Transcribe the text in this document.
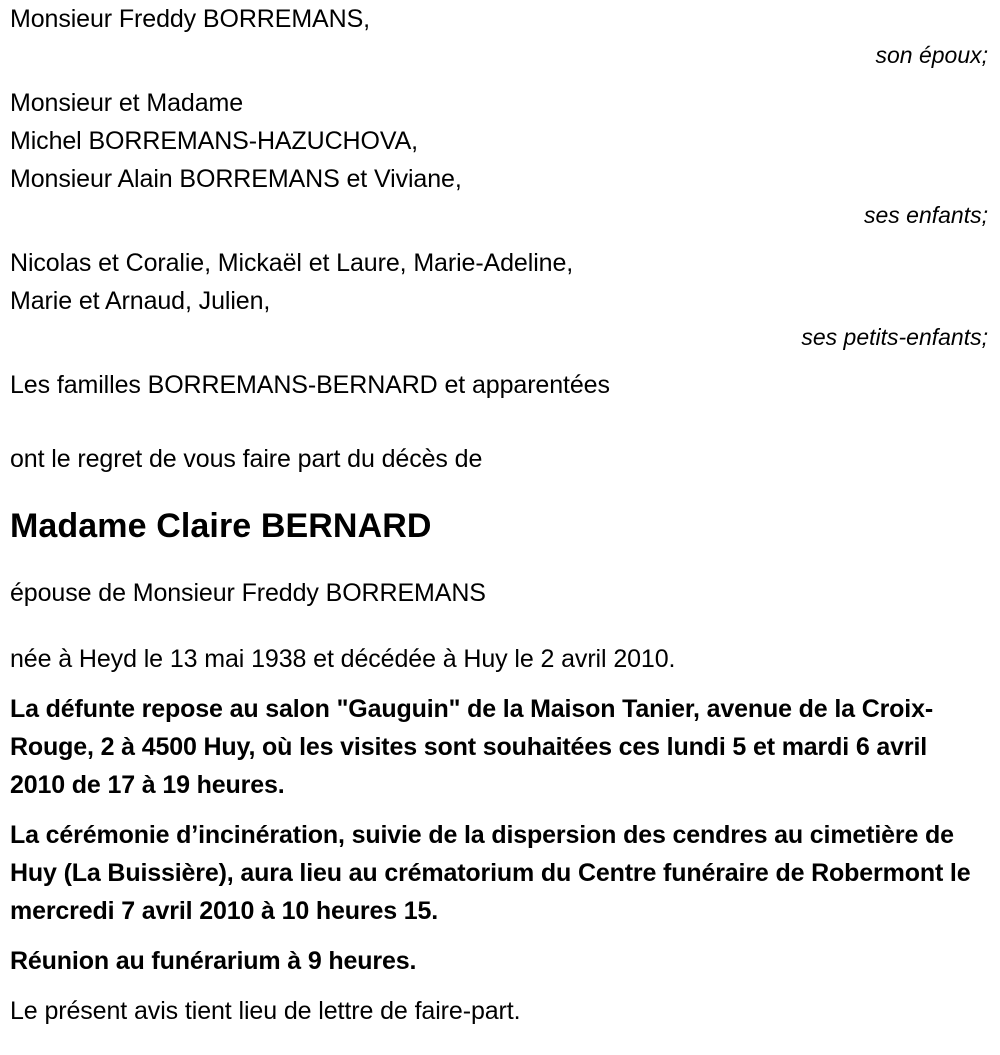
Monsieur Freddy BORREMANS,
son époux;
Monsieur et Madame
Michel BORREMANS-HAZUCHOVA,
Monsieur Alain BORREMANS et Viviane,
ses enfants;
Nicolas et Coralie, Mickaël et Laure, Marie-Adeline,
Marie et Arnaud, Julien,
ses petits-enfants;
Les familles BORREMANS-BERNARD et apparentées
ont le regret de vous faire part du décès de
Madame Claire BERNARD
épouse de Monsieur Freddy BORREMANS
née à Heyd le 13 mai 1938 et décédée à Huy le 2 avril 2010.
La défunte repose au salon "Gauguin" de la Maison Tanier, avenue de la Croix-Rouge, 2 à 4500 Huy, où les visites sont souhaitées ces lundi 5 et mardi 6 avril 2010 de 17 à 19 heures.
La cérémonie d’incinération, suivie de la dispersion des cendres au cimetière de Huy (La Buissière), aura lieu au crématorium du Centre funéraire de Robermont le mercredi 7 avril 2010 à 10 heures 15.
Réunion au funérarium à 9 heures.
Le présent avis tient lieu de lettre de faire-part.
